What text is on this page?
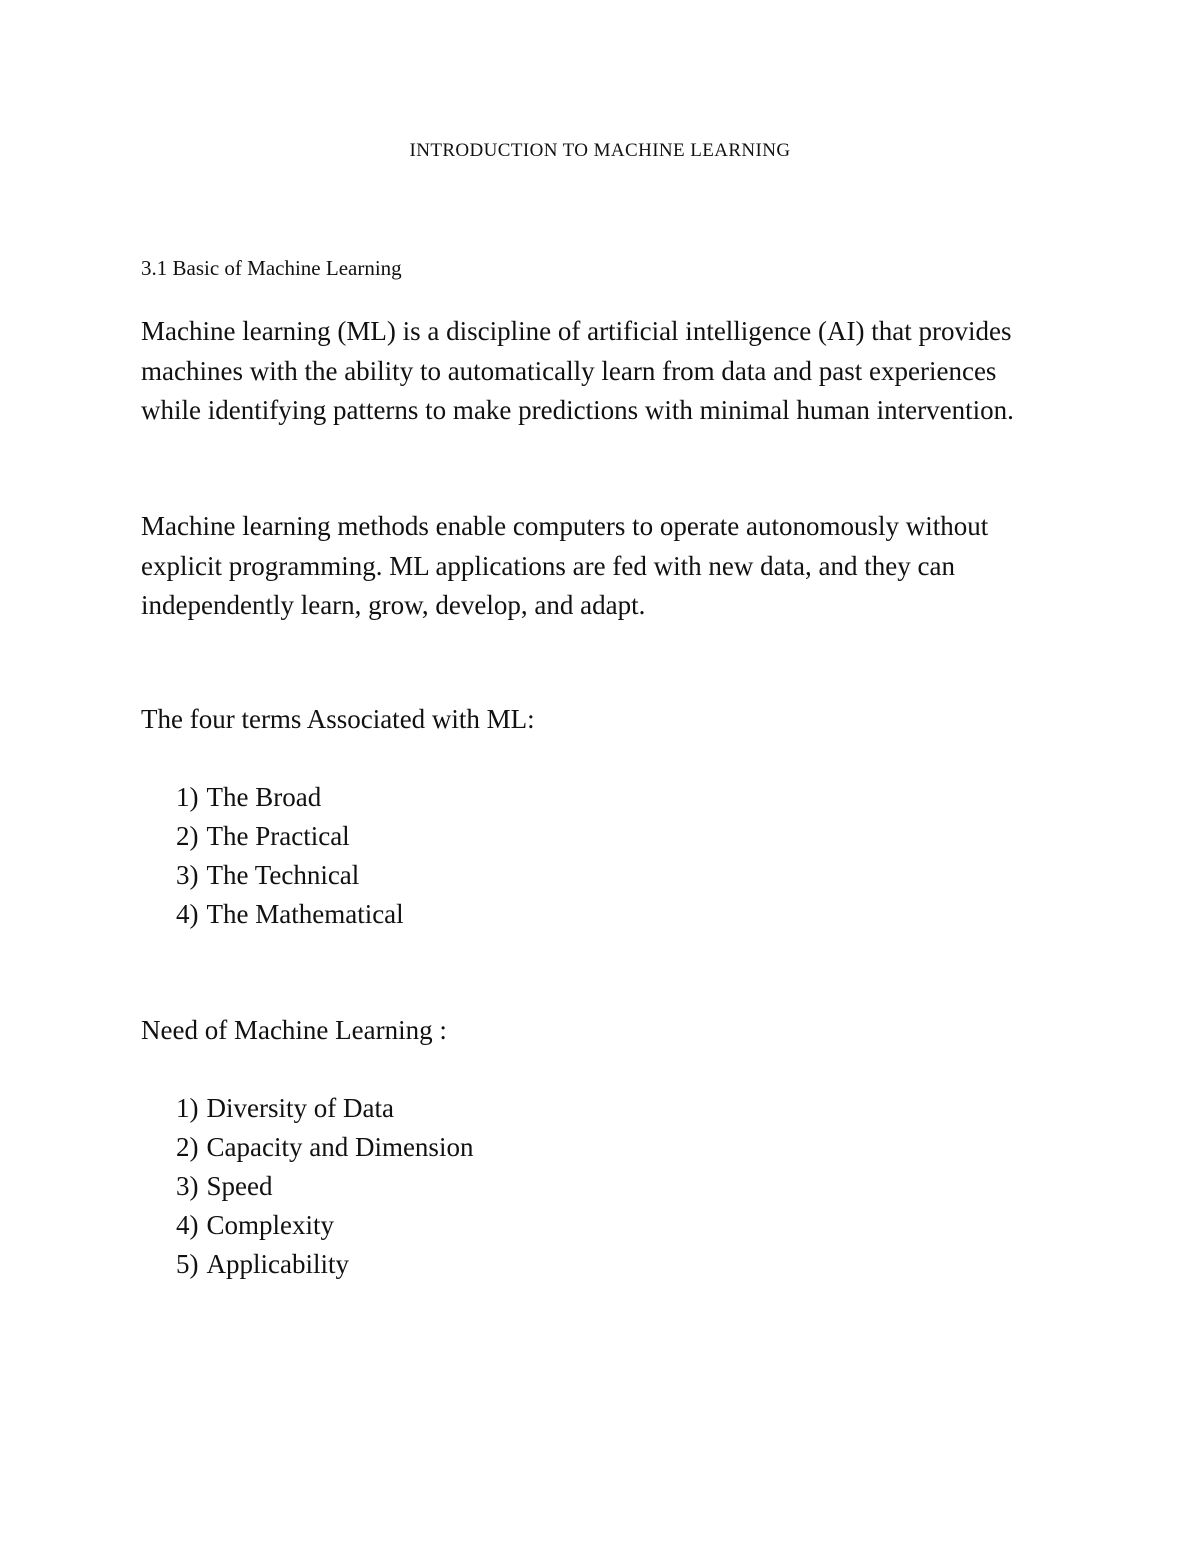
INTRODUCTION TO MACHINE LEARNING
3.1 Basic of Machine Learning

Machine learning (ML) is a discipline of artificial intelligence (AI) that provides machines with the ability to automatically learn from data and past experiences while identifying patterns to make predictions with minimal human intervention.

Machine learning methods enable computers to operate autonomously without explicit programming. ML applications are fed with new data, and they can independently learn, grow, develop, and adapt.

The four terms Associated with ML:

1) The Broad
2) The Practical
3) The Technical
4) The Mathematical

Need of Machine Learning :

1) Diversity of Data
2) Capacity and Dimension
3) Speed
4) Complexity
5) Applicability
